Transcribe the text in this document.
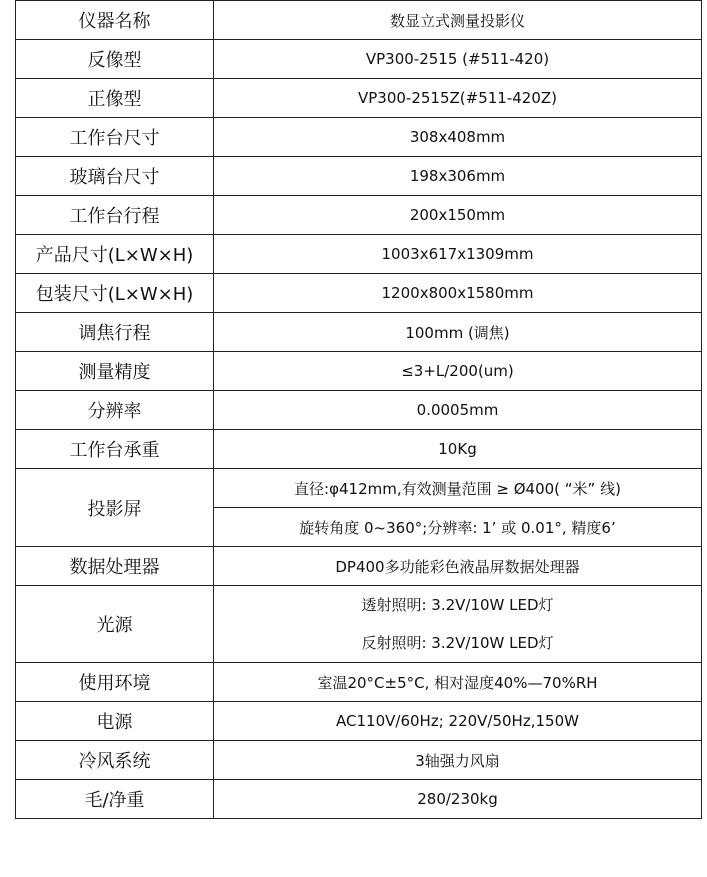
仪器名称	数显立式测量投影仪
反像型	VP300-2515 (#511-420)
正像型	VP300-2515Z(#511-420Z)
工作台尺寸	308x408mm
玻璃台尺寸	198x306mm
工作台行程	200x150mm
产品尺寸(L×W×H)	1003x617x1309mm
包装尺寸(L×W×H)	1200x800x1580mm
调焦行程	100mm (调焦)
测量精度	≤3+L/200(um)
分辨率	0.0005mm
工作台承重	10Kg
投影屏	直径:φ412mm,有效测量范围 ≥ Ø400( “米” 线)
	旋转角度 0~360°;分辨率: 1’ 或 0.01°, 精度6’
数据处理器	DP400多功能彩色液晶屏数据处理器
光源	透射照明: 3.2V/10W LED灯
反射照明: 3.2V/10W LED灯

使用环境	室温20°C±5°C, 相对湿度40%—70%RH
电源	AC110V/60Hz; 220V/50Hz,150W
冷风系统	3轴强力风扇
毛/净重	280/230kg
